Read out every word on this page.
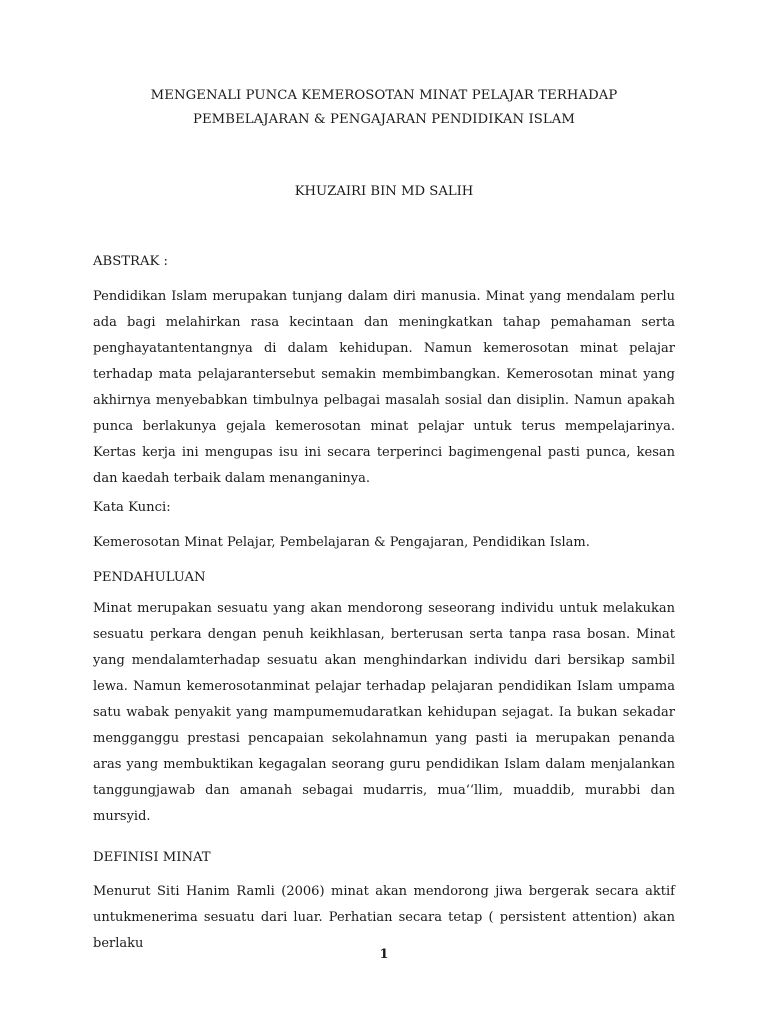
MENGENALI PUNCA KEMEROSOTAN MINAT PELAJAR TERHADAP

PEMBELAJARAN & PENGAJARAN PENDIDIKAN ISLAM

KHUZAIRI BIN MD SALIH

ABSTRAK :

Pendidikan Islam merupakan tunjang dalam diri manusia. Minat yang mendalam perlu ada bagi melahirkan rasa kecintaan dan meningkatkan tahap pemahaman serta penghayatantentangnya di dalam kehidupan. Namun kemerosotan minat pelajar terhadap mata pelajarantersebut semakin membimbangkan. Kemerosotan minat yang akhirnya menyebabkan timbulnya pelbagai masalah sosial dan disiplin. Namun apakah punca berlakunya gejala kemerosotan minat pelajar untuk terus mempelajarinya. Kertas kerja ini mengupas isu ini secara terperinci bagimengenal pasti punca, kesan dan kaedah terbaik dalam menanganinya.

Kata Kunci:

Kemerosotan Minat Pelajar, Pembelajaran & Pengajaran, Pendidikan Islam.

PENDAHULUAN

Minat merupakan sesuatu yang akan mendorong seseorang individu untuk melakukan sesuatu perkara dengan penuh keikhlasan, berterusan serta tanpa rasa bosan. Minat yang mendalamterhadap sesuatu akan menghindarkan individu dari bersikap sambil lewa. Namun kemerosotanminat pelajar terhadap pelajaran pendidikan Islam umpama satu wabak penyakit yang mampumemudaratkan kehidupan sejagat. Ia bukan sekadar mengganggu prestasi pencapaian sekolahnamun yang pasti ia merupakan penanda aras yang membuktikan kegagalan seorang guru pendidikan Islam dalam menjalankan tanggungjawab dan amanah sebagai mudarris, mua‘‘llim, muaddib, murabbi dan mursyid.

DEFINISI MINAT

Menurut Siti Hanim Ramli (2006) minat akan mendorong jiwa bergerak secara aktif untukmenerima sesuatu dari luar. Perhatian secara tetap ( persistent attention) akan berlaku

1
